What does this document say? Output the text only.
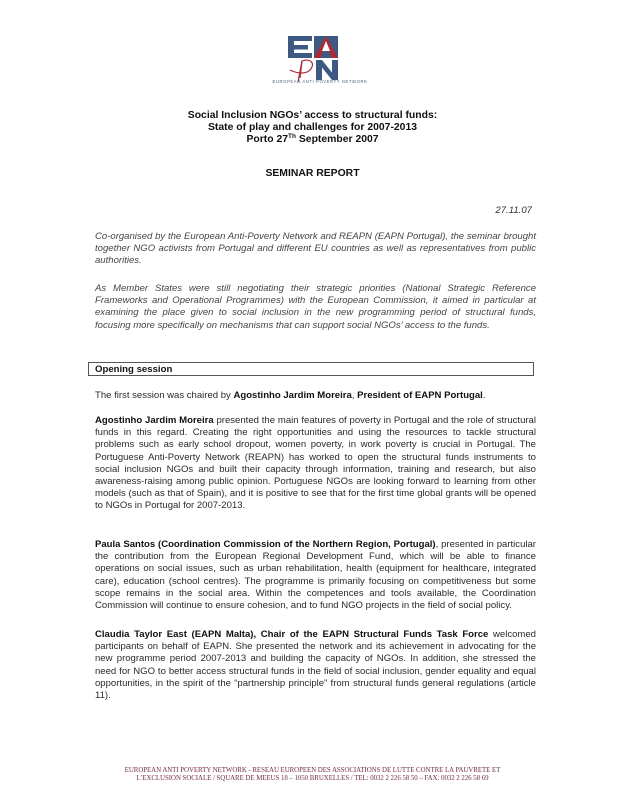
EUROPEAN ANTI POVERTY NETWORK
Social Inclusion NGOs’ access to structural funds:
State of play and challenges for 2007-2013
Porto 27Th September 2007
SEMINAR REPORT
27.11.07

Co-organised by the European Anti-Poverty Network and REAPN (EAPN Portugal), the seminar brought together NGO activists from Portugal and different EU countries as well as representatives from public authorities.

As Member States were still negotiating their strategic priorities (National Strategic Reference Frameworks and Operational Programmes) with the European Commission, it aimed in particular at examining the place given to social inclusion in the new programming period of structural funds, focusing more specifically on mechanisms that can support social NGOs’ access to the funds.

Opening session

The first session was chaired by Agostinho Jardim Moreira, President of EAPN Portugal.

Agostinho Jardim Moreira presented the main features of poverty in Portugal and the role of structural funds in this regard. Creating the right opportunities and using the resources to tackle structural problems such as early school dropout, women poverty, in work poverty is crucial in Portugal. The Portuguese Anti-Poverty Network (REAPN) has worked to open the structural funds instruments to social inclusion NGOs and built their capacity through information, training and research, but also awareness-raising among public opinion. Portuguese NGOs are looking forward to learning from other models (such as that of Spain), and it is positive to see that for the first time global grants will be opened to NGOs in Portugal for 2007-2013.

Paula Santos (Coordination Commission of the Northern Region, Portugal), presented in particular the contribution from the European Regional Development Fund, which will be able to finance operations on social issues, such as urban rehabilitation, health (equipment for healthcare, integrated care), education (school centres). The programme is primarily focusing on competitiveness but some scope remains in the social area. Within the competences and tools available, the Coordination Commission will continue to ensure cohesion, and to fund NGO projects in the field of social policy.

Claudia Taylor East (EAPN Malta), Chair of the EAPN Structural Funds Task Force welcomed participants on behalf of EAPN. She presented the network and its achievement in advocating for the new programme period 2007-2013 and building the capacity of NGOs. In addition, she stressed the need for NGO to better access structural funds in the field of social inclusion, gender equality and equal opportunities, in the spirit of the “partnership principle” from structural funds general regulations (article 11).

EUROPEAN ANTI POVERTY NETWORK - RESEAU EUROPEEN DES ASSOCIATIONS DE LUTTE CONTRE LA PAUVRETE ET
L’EXCLUSION SOCIALE / SQUARE DE MEEUS 18 – 1050 BRUXELLES / TEL: 0032 2 226 58 50 – FAX: 0032 2 226 58 69
